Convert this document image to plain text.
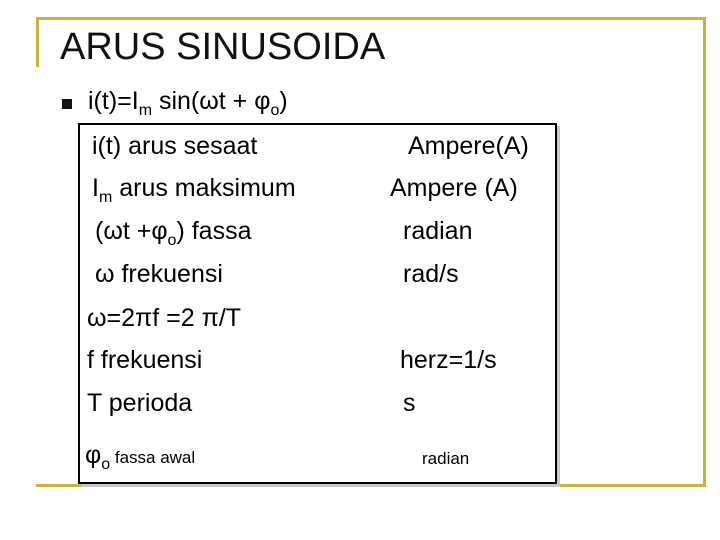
ARUS SINUSOIDA
$i(t)=I_m$ $\sin(\omega t + \varphi_o)$
i(t) arus sesaat	Ampere(A)
$I_m$ arus maksimum	Ampere (A)
$(\omega t +\varphi_o)$ fassa	radian
ω frekuensi	rad/s
ω=2πf =2 π/T
f frekuensi	herz=1/s
T perioda	s
$\varphi_o$ fassa awal	radian
